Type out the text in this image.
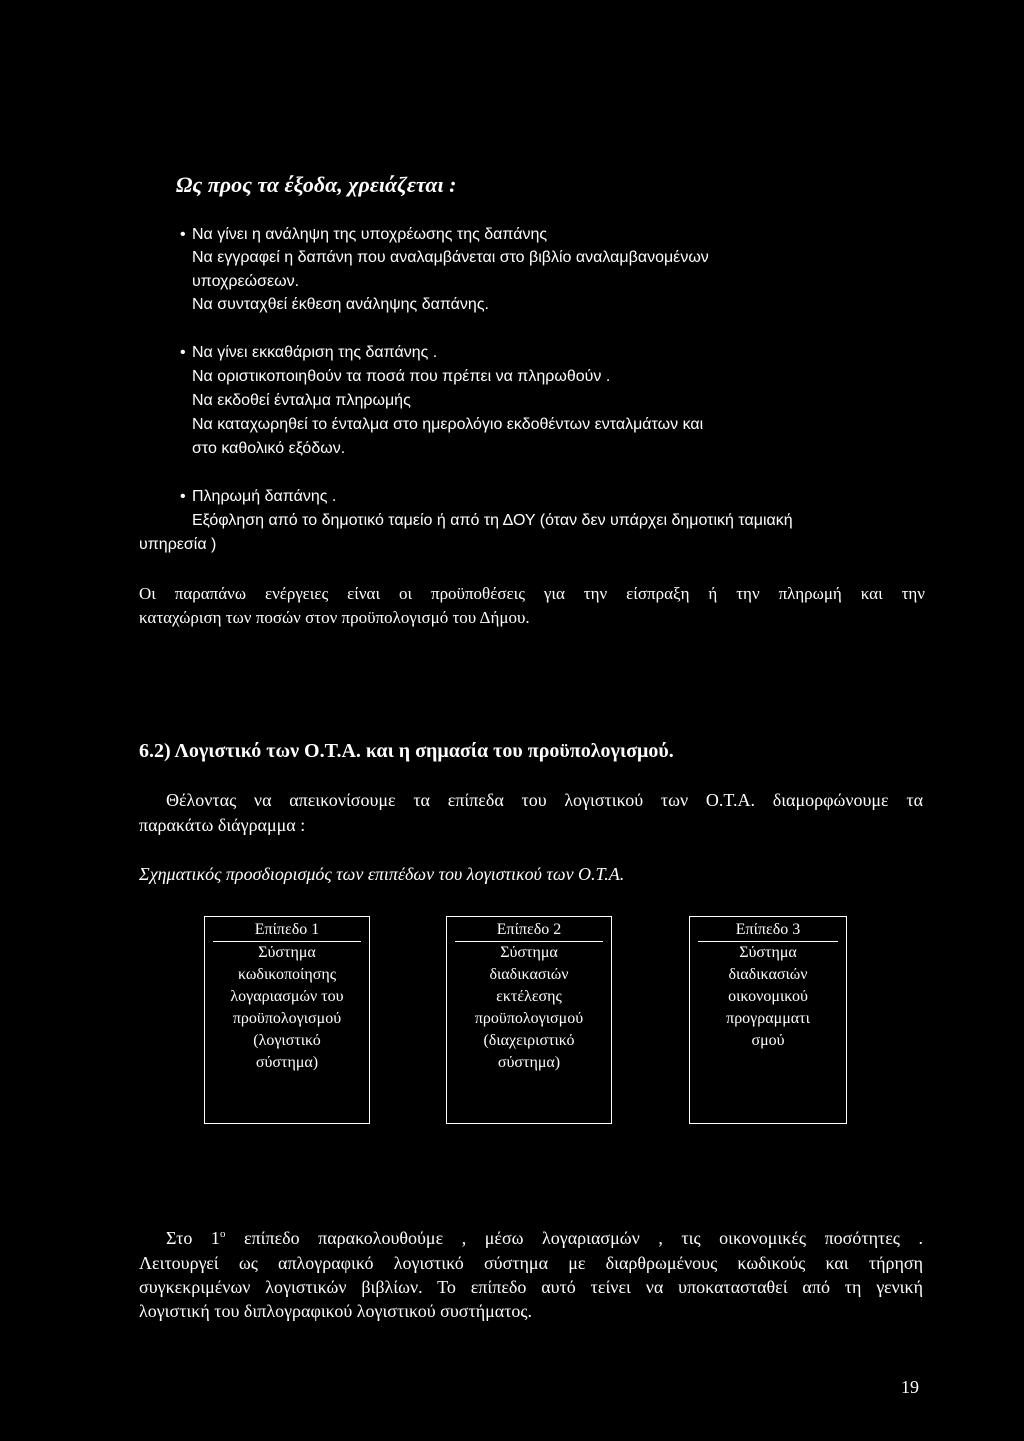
Ως προς τα έξοδα, χρειάζεται :
• Να γίνει η ανάληψη της υποχρέωσης της δαπάνης
Να εγγραφεί η δαπάνη που αναλαμβάνεται στο βιβλίο αναλαμβανομένων
υποχρεώσεων.
Να συνταχθεί έκθεση ανάληψης δαπάνης.
• Να γίνει εκκαθάριση της δαπάνης .
Να οριστικοποιηθούν τα ποσά που πρέπει να πληρωθούν .
Να εκδοθεί ένταλμα πληρωμής
Να καταχωρηθεί το ένταλμα στο ημερολόγιο εκδοθέντων ενταλμάτων και
στο καθολικό εξόδων.
• Πληρωμή δαπάνης .
Εξόφληση από το δημοτικό ταμείο ή από τη ΔΟΥ (όταν δεν υπάρχει δημοτική ταμιακή
υπηρεσία )
Οι παραπάνω ενέργειες είναι οι προϋποθέσεις για την είσπραξη ή την πληρωμή και την
καταχώριση των ποσών στον προϋπολογισμό του Δήμου.
6.2) Λογιστικό των Ο.Τ.Α. και η σημασία του προϋπολογισμού.
Θέλοντας να απεικονίσουμε τα επίπεδα του λογιστικού των Ο.Τ.Α. διαμορφώνουμε τα
παρακάτω διάγραμμα :
Σχηματικός προσδιορισμός των επιπέδων του λογιστικού των Ο.Τ.Α.
Επίπεδο 1
Σύστημα
κωδικοποίησης
λογαριασμών του
προϋπολογισμού
(λογιστικό
σύστημα)
Επίπεδο 2
Σύστημα
διαδικασιών
εκτέλεσης
προϋπολογισμού
(διαχειριστικό
σύστημα)
Επίπεδο 3
Σύστημα
διαδικασιών
οικονομικού
προγραμματι
σμού
Στο $1^o$ επίπεδο παρακολουθούμε , μέσω λογαριασμών , τις οικονομικές ποσότητες .
Λειτουργεί ως απλογραφικό λογιστικό σύστημα με διαρθρωμένους κωδικούς και τήρηση
συγκεκριμένων λογιστικών βιβλίων. Το επίπεδο αυτό τείνει να υποκατασταθεί από τη γενική
λογιστική του διπλογραφικού λογιστικού συστήματος.
19
